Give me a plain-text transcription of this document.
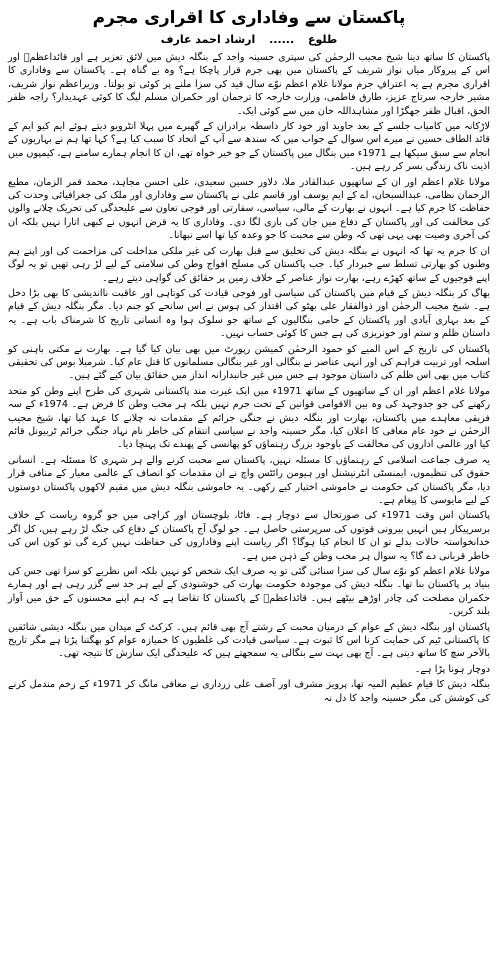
پاکستان سے وفاداری کا اقراری مجرم
طلوع ...... ارشاد احمد عارف

پاکستان کا ساتھ دینا شیخ مجیب الرحمٰن کی سپتری حسینہ واجد کے بنگلہ دیش میں لائق تعزیر ہے اور قائداعظمؒ اور اس کے پیروکار میاں نواز شریف کے پاکستان میں بھی جرم قرار پاچکا ہے؟ وہ بے گناہ ہے۔ پاکستان سے وفاداری کا اقراری مجرم ہے یہ اعترافِ جرم مولانا غلام اعظم نوّے سال قید کی سزا ملنے پر کوئی تو بولتا۔ وزیراعظم نواز شریف، مشیر خارجہ سرتاج عزیز، طارق فاطمی، وزارت خارجہ کا ترجمان اور حکمران مسلم لیگ کا کوئی عہدیدار؟ راجہ ظفر الحق، اقبال ظفر جھگڑا اور مشاہداللہ خان میں سے کوئی ایک۔

لاڑکانہ میں کامیاب جلسے کے بعد جاوید اور خود کار داسطہ برادران کے گھیرے میں پہلا انٹرویو دیتے ہوئے ایم کیو ایم کے قائد الطاف حسین نے میرے اس سوال کے جواب میں کہ سندھ سے آپ کے اتحاد کا سبب کیا ہے؟ کہا تھا ہم نے بہاریوں کے انجام سے سبق سیکھا ہے 1971ء میں بنگال میں پاکستان کے جو خیر خواہ تھے، ان کا انجام ہمارے سامنے ہے، کیمپوں میں اذیت ناک زندگی بسر کر رہے ہیں۔

مولانا غلام اعظم اور ان کے ساتھیوں عبدالقادر ملا، دلاور حسین سعیدی، علی احسن مجاہد، محمد قمر الزمان، مطیع الرحمان نظامی، عبدالسبحان، اے کے ایم یوسف اور قاسم علی نے پاکستان سے وفاداری اور ملک کی جغرافیائی وحدت کی حفاظت کا جرم کیا ہے۔ انہوں نے بھارت کے مالی، سیاسی، سفارتی اور فوجی تعاون سے علیحدگی کی تحریک چلانے والوں کی مخالفت کی اور پاکستان کے دفاع میں جان کی بازی لگا دی۔ وفاداری کا یہ قرض انہوں نے کبھی اتارا نہیں بلکہ ان کی آخری وصیت بھی یہی تھی کہ وطن سے محبت کا جو وعدہ کیا تھا اسے نبھانا۔

ان کا جرم یہ تھا کہ انہوں نے بنگلہ دیش کی تخلیق سے قبل بھارت کی غیر ملکی مداخلت کی مزاحمت کی اور اپنے ہم وطنوں کو بھارتی تسلط سے خبردار کیا۔ جب پاکستان کی مسلح افواج وطن کی سلامتی کے لیے لڑ رہی تھیں تو یہ لوگ اپنے فوجیوں کے ساتھ کھڑے رہے، بھارت نواز عناصر کے خلاف زمین پر حقائق کی گواہی دیتے رہے۔

بھاگ کر بنگلہ دیش کے قیام میں پاکستان کی سیاسی اور فوجی قیادت کی کوتاہی اور عاقبت نااندیشی کا بھی بڑا دخل ہے۔ شیخ مجیب الرحمٰن اور ذوالفقار علی بھٹو کی اقتدار کی ہوس نے اس سانحے کو جنم دیا۔ مگر بنگلہ دیش کے قیام کے بعد بہاری آبادی اور پاکستان کے حامی بنگالیوں کے ساتھ جو سلوک ہوا وہ انسانی تاریخ کا شرمناک باب ہے۔ یہ داستان ظلم و ستم اور خونریزی کی ہے جس کا کوئی حساب نہیں۔

پاکستان کی تاریخ کے اس المیے کو حمود الرحمٰن کمیشن رپورٹ میں بھی بیان کیا گیا ہے۔ بھارت نے مکتی باہنی کو اسلحہ اور تربیت فراہم کی اور انہی عناصر نے بنگالی اور غیر بنگالی مسلمانوں کا قتل عام کیا۔ شرمیلا بوس کی تحقیقی کتاب میں بھی اس ظلم کی داستان موجود ہے جس میں غیر جانبدارانہ انداز میں حقائق بیان کیے گئے ہیں۔

مولانا غلام اعظم اور ان کے ساتھیوں کے ساتھ 1971ء میں ایک غیرت مند پاکستانی شہری کی طرح اپنے وطن کو متحد رکھنے کی جو جدوجہد کی وہ بین الاقوامی قوانین کے تحت جرم نہیں بلکہ ہر محب وطن کا فرض ہے۔ 1974ء کے سہ فریقی معاہدے میں پاکستان، بھارت اور بنگلہ دیش نے جنگی جرائم کے مقدمات نہ چلانے کا عہد کیا تھا، شیخ مجیب الرحمٰن نے خود عام معافی کا اعلان کیا، مگر حسینہ واجد نے سیاسی انتقام کی خاطر نام نہاد جنگی جرائم ٹربیونل قائم کیا اور عالمی اداروں کی مخالفت کے باوجود بزرگ رہنماؤں کو پھانسی کے پھندے تک پہنچا دیا۔

یہ صرف جماعت اسلامی کے رہنماؤں کا مسئلہ نہیں، پاکستان سے محبت کرنے والے ہر شہری کا مسئلہ ہے۔ انسانی حقوق کی تنظیموں، ایمنسٹی انٹرنیشنل اور ہیومن رائٹس واچ نے ان مقدمات کو انصاف کے عالمی معیار کے منافی قرار دیا، مگر پاکستان کی حکومت نے خاموشی اختیار کیے رکھی۔ یہ خاموشی بنگلہ دیش میں مقیم لاکھوں پاکستان دوستوں کے لیے مایوسی کا پیغام ہے۔

پاکستان اس وقت 1971ء کی صورتحال سے دوچار ہے۔ فاٹا، بلوچستان اور کراچی میں جو گروہ ریاست کے خلاف برسرپیکار ہیں انہیں بیرونی قوتوں کی سرپرستی حاصل ہے۔ جو لوگ آج پاکستان کے دفاع کی جنگ لڑ رہے ہیں، کل اگر خدانخواستہ حالات بدلے تو ان کا انجام کیا ہوگا؟ اگر ریاست اپنے وفاداروں کی حفاظت نہیں کرے گی تو کون اس کی خاطر قربانی دے گا؟ یہ سوال ہر محب وطن کے ذہن میں ہے۔

مولانا غلام اعظم کو نوّے سال کی سزا سنائی گئی تو یہ صرف ایک شخص کو نہیں بلکہ اس نظریے کو سزا تھی جس کی بنیاد پر پاکستان بنا تھا۔ بنگلہ دیش کی موجودہ حکومت بھارت کی خوشنودی کے لیے ہر حد سے گزر رہی ہے اور ہمارے حکمران مصلحت کی چادر اوڑھے بیٹھے ہیں۔ قائداعظمؒ کے پاکستان کا تقاضا ہے کہ ہم اپنے محسنوں کے حق میں آواز بلند کریں۔

پاکستان اور بنگلہ دیش کے عوام کے درمیان محبت کے رشتے آج بھی قائم ہیں۔ کرکٹ کے میدان میں بنگلہ دیشی شائقین کا پاکستانی ٹیم کی حمایت کرنا اس کا ثبوت ہے۔ سیاسی قیادت کی غلطیوں کا خمیازہ عوام کو بھگتنا پڑتا ہے مگر تاریخ بالآخر سچ کا ساتھ دیتی ہے۔ آج بھی بہت سے بنگالی یہ سمجھتے ہیں کہ علیحدگی ایک سازش کا نتیجہ تھی۔

دوچار ہونا پڑا ہے۔

بنگلہ دیش کا قیام عظیم المیہ تھا، پرویز مشرف اور آصف علی زرداری نے معافی مانگ کر 1971ء کے زخم مندمل کرنے کی کوشش کی مگر حسینہ واجد کا دل نہ
